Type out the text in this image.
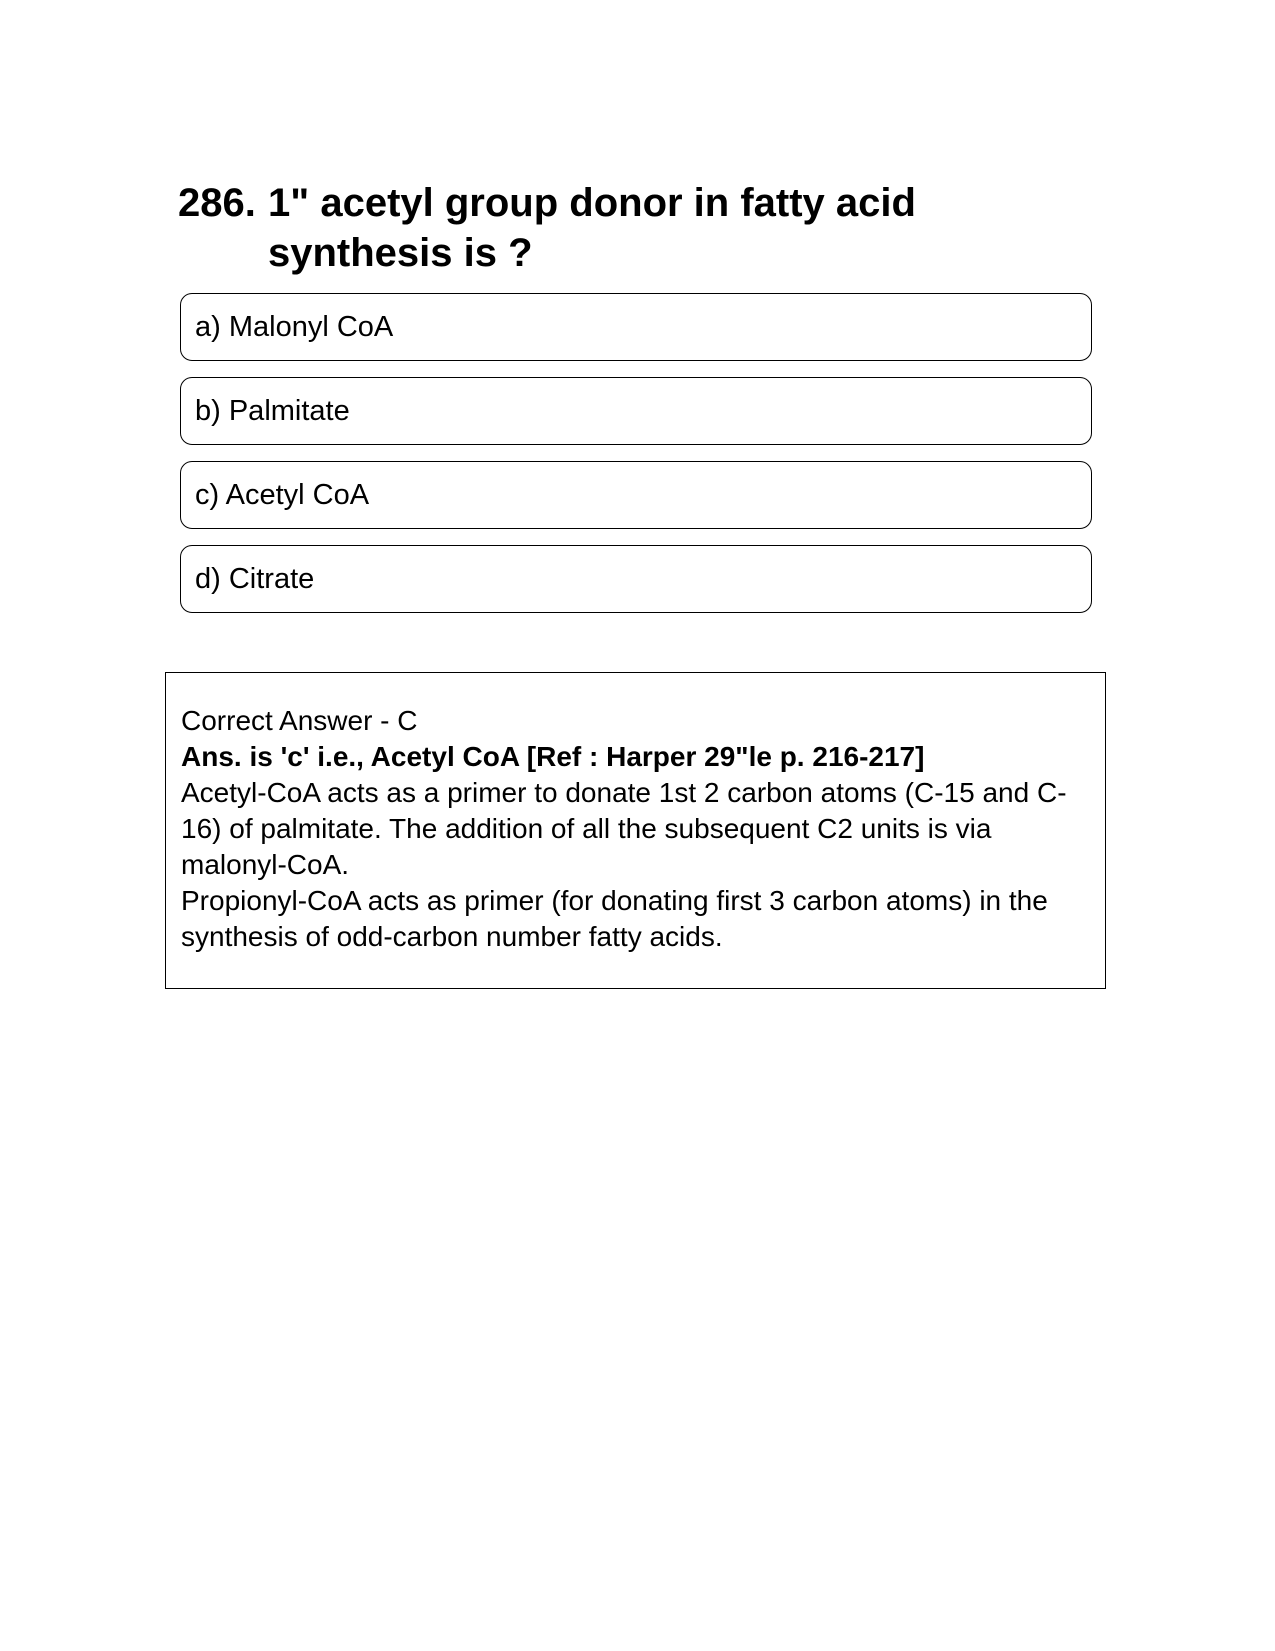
286. 1" acetyl group donor in fatty acid synthesis is ?
a) Malonyl CoA
b) Palmitate
c) Acetyl CoA
d) Citrate

Correct Answer - C

Ans. is 'c' i.e., Acetyl CoA [Ref : Harper 29"le p. 216-217]

Acetyl-CoA acts as a primer to donate 1st 2 carbon atoms (C-15 and C-16) of palmitate. The addition of all the subsequent C2 units is via malonyl-CoA.

Propionyl-CoA acts as primer (for donating first 3 carbon atoms) in the synthesis of odd-carbon number fatty acids.
